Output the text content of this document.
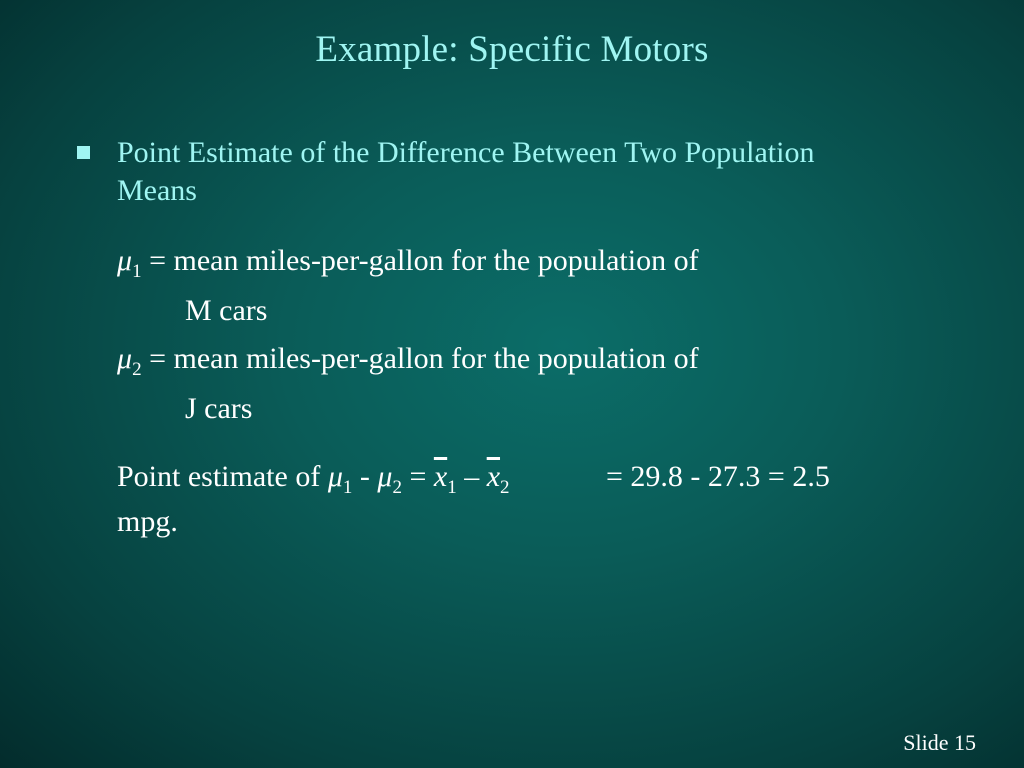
Example: Specific Motors
Point Estimate of the Difference Between Two Population Means
$\mu_1$ = mean miles-per-gallon for the population of
M cars
$\mu_2$ = mean miles-per-gallon for the population of
J cars
Point estimate of $\mu_1 - \mu_2 = \overline{x}_1 - \overline{x}_2$	= 29.8 - 27.3 = 2.5
mpg.
Slide 15
